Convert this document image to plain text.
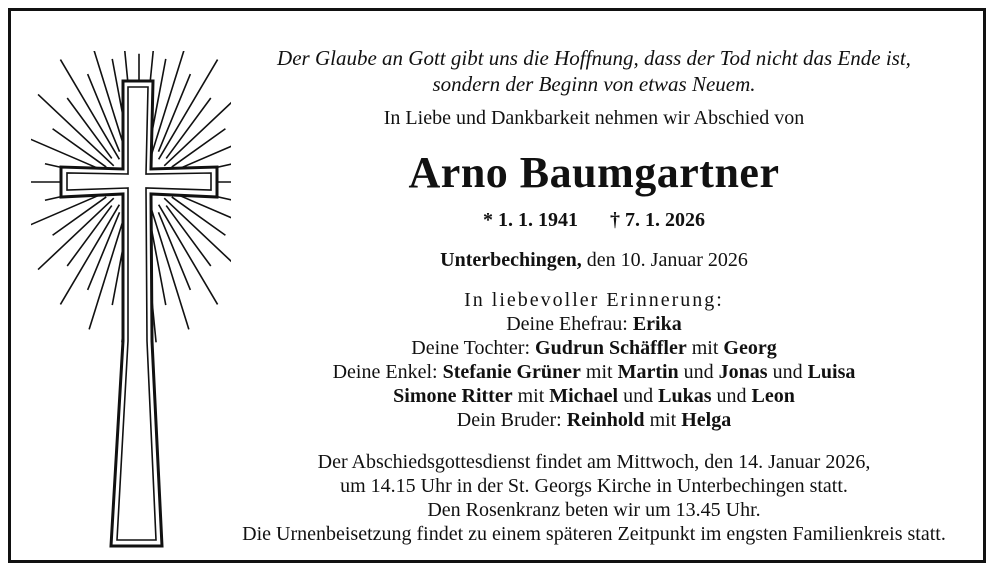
Der Glaube an Gott gibt uns die Hoffnung, dass der Tod nicht das Ende ist,
sondern der Beginn von etwas Neuem.
In Liebe und Dankbarkeit nehmen wir Abschied von
Arno Baumgartner
* 1. 1. 1941 † 7. 1. 2026
Unterbechingen, den 10. Januar 2026
In liebevoller Erinnerung:
Deine Ehefrau: Erika
Deine Tochter: Gudrun Schäffler mit Georg
Deine Enkel: Stefanie Grüner mit Martin und Jonas und Luisa
Simone Ritter mit Michael und Lukas und Leon
Dein Bruder: Reinhold mit Helga
Der Abschiedsgottesdienst findet am Mittwoch, den 14. Januar 2026,
um 14.15 Uhr in der St. Georgs Kirche in Unterbechingen statt.
Den Rosenkranz beten wir um 13.45 Uhr.
Die Urnenbeisetzung findet zu einem späteren Zeitpunkt im engsten Familienkreis statt.
